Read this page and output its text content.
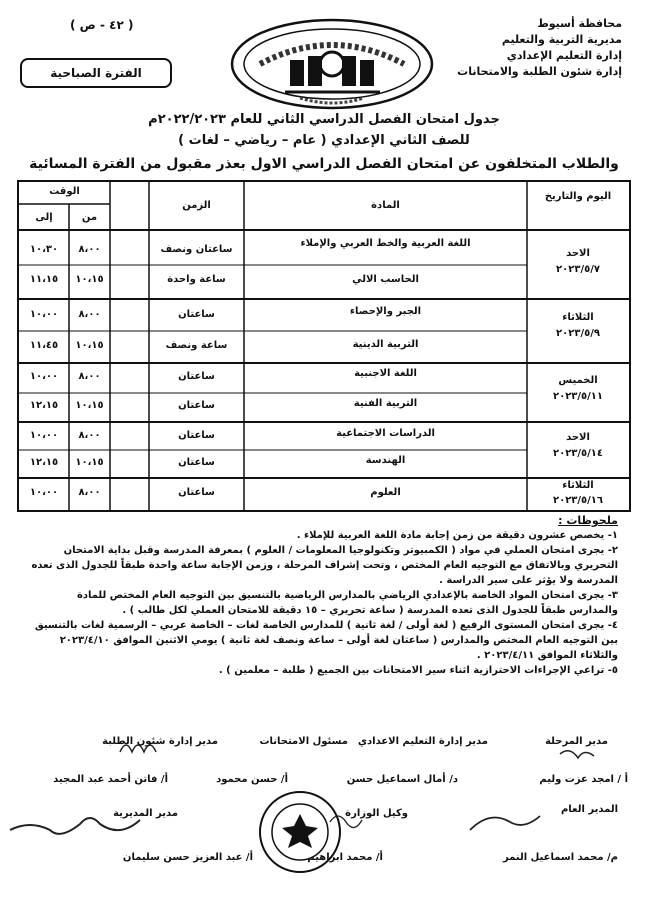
محافظة أسيوط
مديرية التربية والتعليم
إدارة التعليم الإعدادي
إدارة شئون الطلبة والامتحانات
( ٤٢ - ص )
الفترة الصباحية
جدول امتحان الفصل الدراسي الثاني للعام ٢٠٢٢/٢٠٢٣م
للصف الثاني الإعدادي ( عام – رياضي – لغات )
والطلاب المتخلفون عن امتحان الفصل الدراسي الاول بعذر مقبول من الفترة المسائية
اليوم والتاريخ
المادة
الزمن
الوقت
من
إلى
الاحد
٢٠٢٣/٥/٧
اللغة العربية والخط العربي والإملاء
ساعتان ونصف
٨،٠٠
١٠،٣٠
الحاسب الالي
ساعة واحدة
١٠،١٥
١١،١٥
الثلاثاء
٢٠٢٣/٥/٩
الجبر والإحصاء
ساعتان
٨،٠٠
١٠،٠٠
التربية الدينية
ساعة ونصف
١٠،١٥
١١،٤٥
الخميس
٢٠٢٣/٥/١١
اللغة الاجنبية
ساعتان
٨،٠٠
١٠،٠٠
التربية الفنية
ساعتان
١٠،١٥
١٢،١٥
الاحد
٢٠٢٣/٥/١٤
الدراسات الاجتماعية
ساعتان
٨،٠٠
١٠،٠٠
الهندسة
ساعتان
١٠،١٥
١٢،١٥
الثلاثاء
٢٠٢٣/٥/١٦
العلوم
ساعتان
٨،٠٠
١٠،٠٠
ملحوظات :
١- يخصص عشرون دقيقة من زمن إجابة مادة اللغة العربية للإملاء .
٢- يجرى امتحان العملي في مواد ( الكمبيوتر وتكنولوجيا المعلومات / العلوم ) بمعرفة المدرسة وقبل بداية الامتحان التحريري وبالاتفاق مع التوجيه العام المختص ، وتحت إشراف المرحلة ، وزمن الإجابة ساعة واحدة طبقاً للجدول الذى تعده المدرسة ولا يؤثر على سير الدراسة .
٣- يجرى امتحان المواد الخاصة بالإعدادي الرياضي بالمدارس الرياضية بالتنسيق بين التوجيه العام المختص للمادة والمدارس طبقاً للجدول الذى تعده المدرسة ( ساعة تحريري – ١٥ دقيقة للامتحان العملي لكل طالب ) .
٤- يجرى امتحان المستوى الرفيع ( لغة أولى / لغة ثانية ) للمدارس الخاصة لغات – الخاصة عربي – الرسمية لغات بالتنسيق بين التوجيه العام المختص والمدارس ( ساعتان لغة أولى – ساعة ونصف لغة ثانية ) يومي الاثنين الموافق ٢٠٢٣/٤/١٠ والثلاثاء الموافق ٢٠٢٣/٤/١١ .
٥- تراعي الإجراءات الاحترازية اثناء سير الامتحانات بين الجميع ( طلبة – معلمين ) .
مدير المرحلة
أ / امجد عزت وليم
مدير إدارة التعليم الاعدادي
د/ أمال اسماعيل حسن
مسئول الامتحانات
أ/ حسن محمود
مدير إدارة شئون الطلبة
أ/ فاتن أحمد عبد المجيد
المدير العام
م/ محمد اسماعيل النمر
وكيل الوزارة
أ/ محمد ابراهيم
مدير المديرية
أ/ عبد العزيز حسن سليمان
